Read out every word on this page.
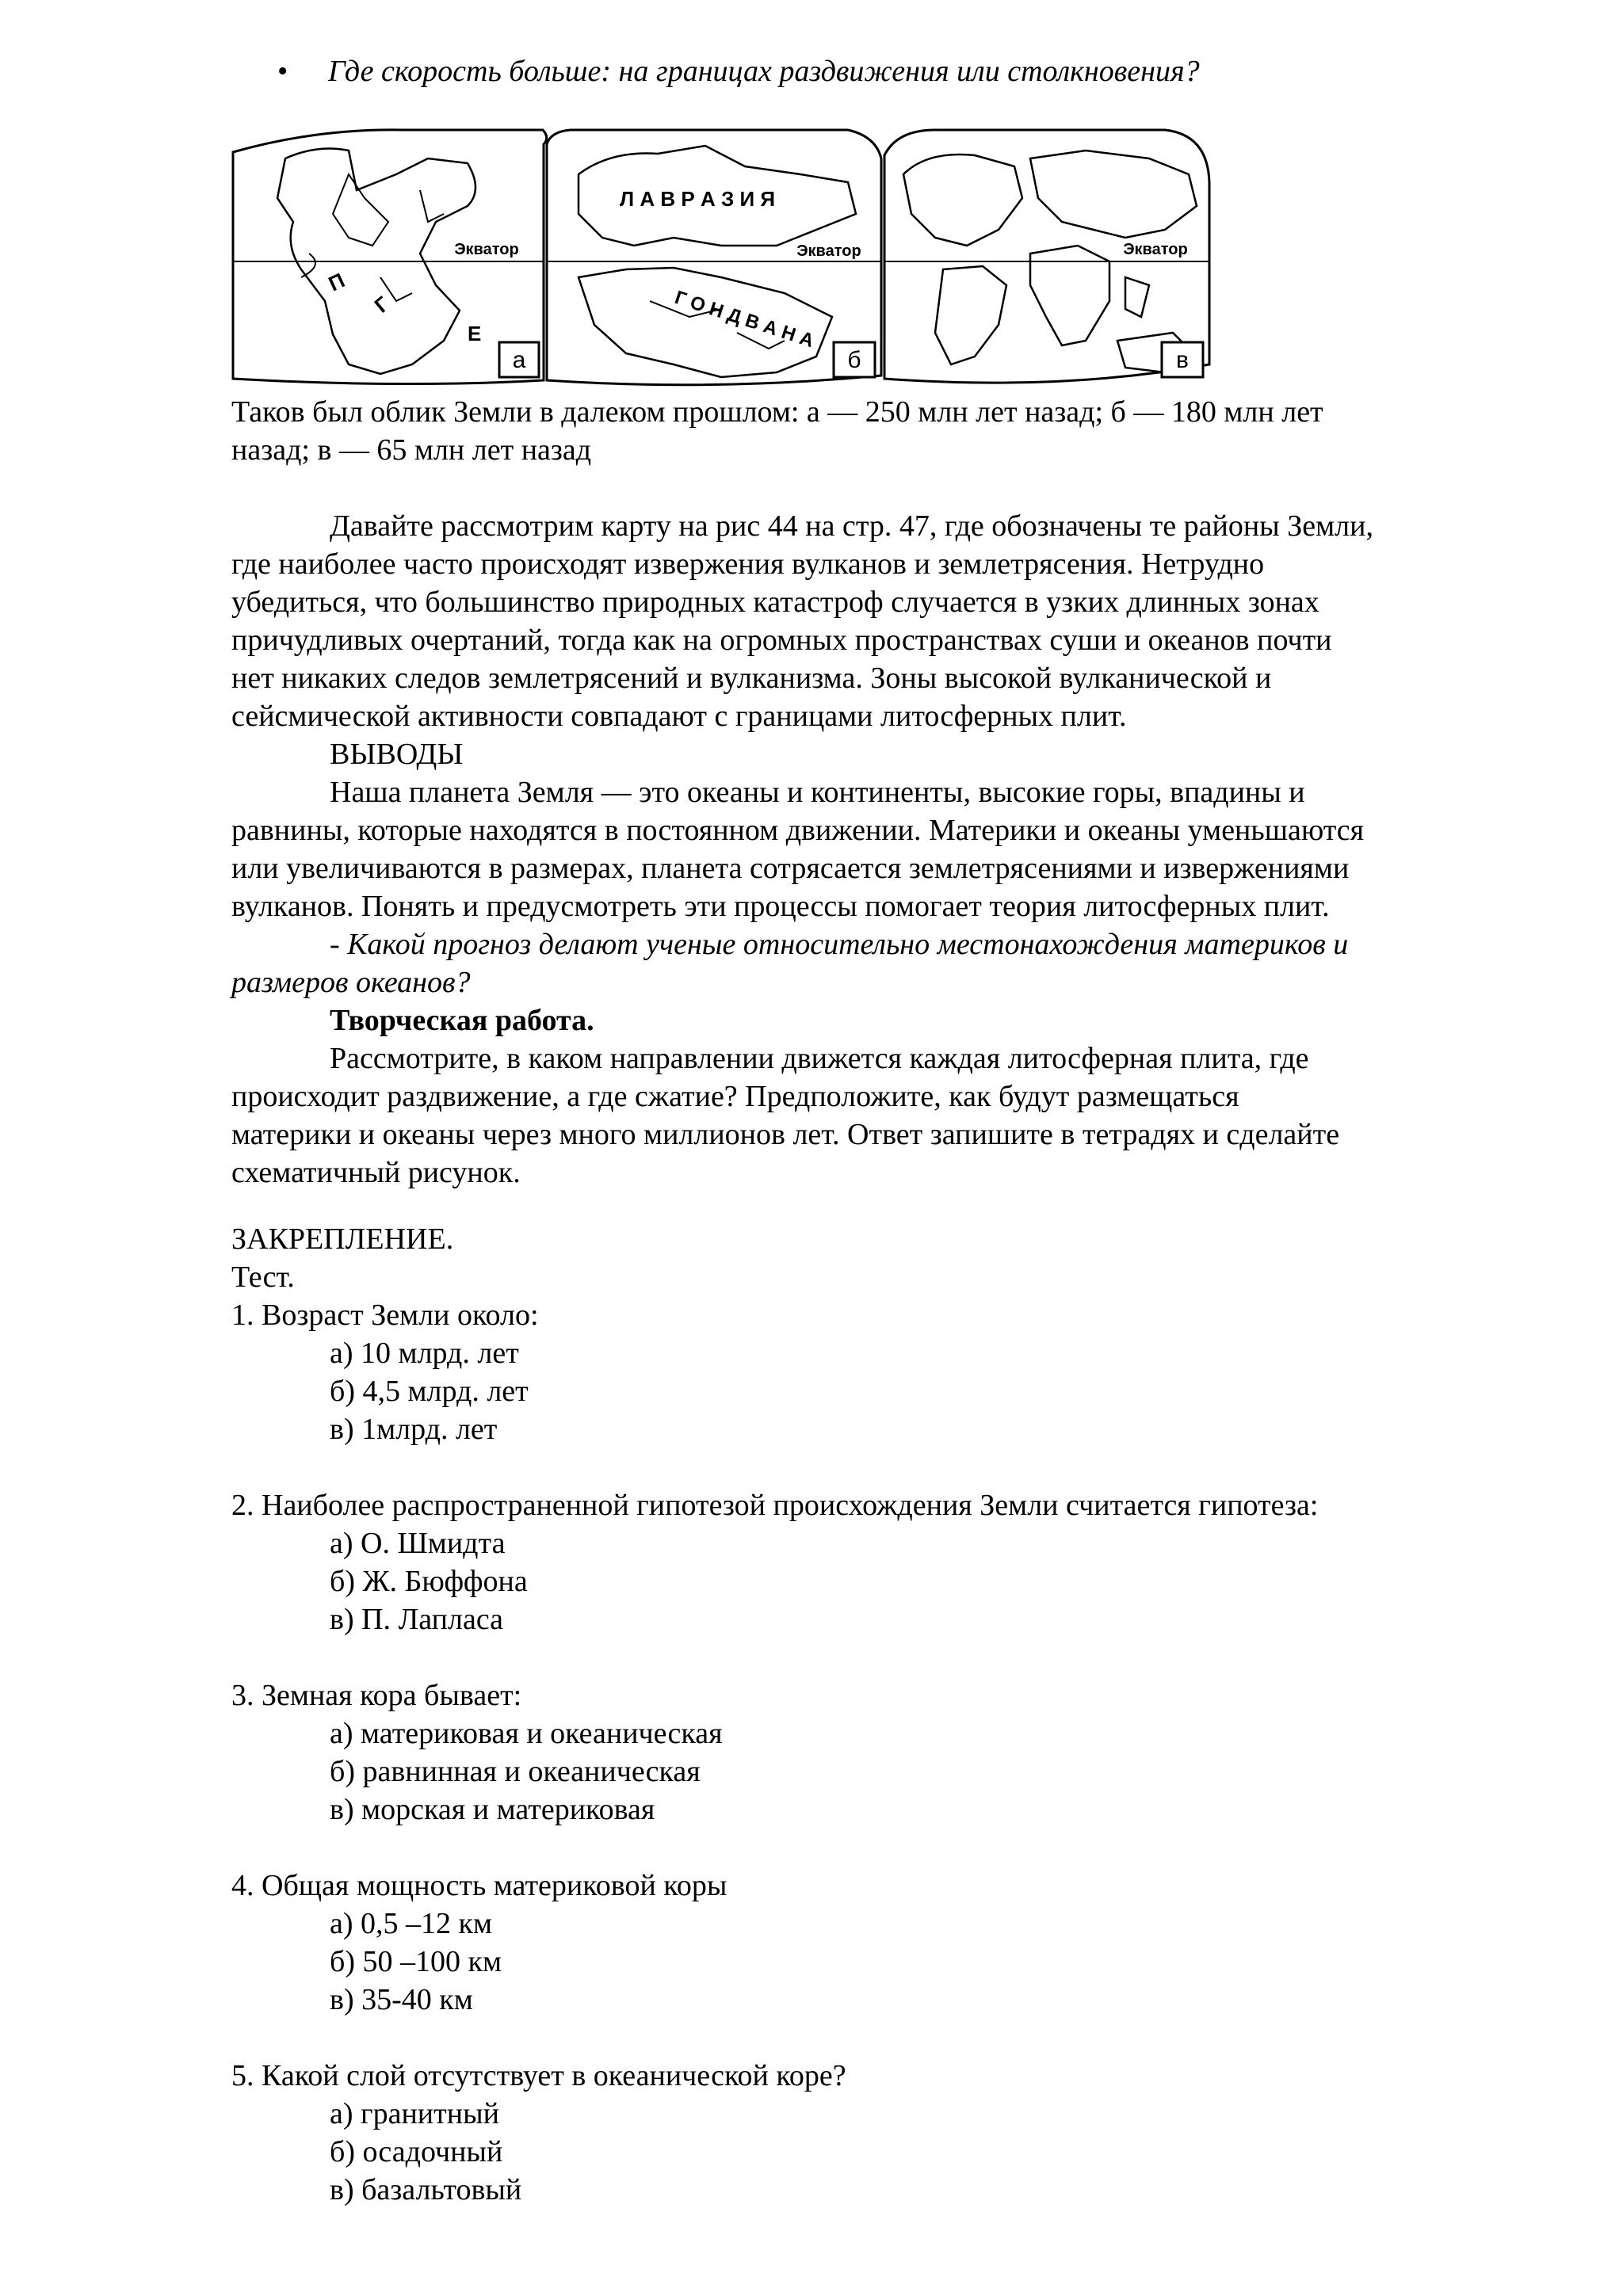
• Где скорость больше: на границах раздвижения или столкновения?
Экватор	Экватор	Экватор
П
Г
Е
Л А В Р А З И Я
Г О Н Д В А Н А
а	б	в
Таков был облик Земли в далеком прошлом: а — 250 млн лет назад; б — 180 млн лет
назад; в — 65 млн лет назад
Давайте рассмотрим карту на рис 44 на стр. 47, где обозначены те районы Земли,
где наиболее часто происходят извержения вулканов и землетрясения. Нетрудно
убедиться, что большинство природных катастроф случается в узких длинных зонах
причудливых очертаний, тогда как на огромных пространствах суши и океанов почти
нет никаких следов землетрясений и вулканизма. Зоны высокой вулканической и
сейсмической активности совпадают с границами литосферных плит.
ВЫВОДЫ
Наша планета Земля — это океаны и континенты, высокие горы, впадины и
равнины, которые находятся в постоянном движении. Материки и океаны уменьшаются
или увеличиваются в размерах, планета сотрясается землетрясениями и извержениями
вулканов. Понять и предусмотреть эти процессы помогает теория литосферных плит.
- Какой прогноз делают ученые относительно местонахождения материков и
размеров океанов?
Творческая работа.
Рассмотрите, в каком направлении движется каждая литосферная плита, где
происходит раздвижение, а где сжатие? Предположите, как будут размещаться
материки и океаны через много миллионов лет. Ответ запишите в тетрадях и сделайте
схематичный рисунок.
ЗАКРЕПЛЕНИЕ.
Тест.
1. Возраст Земли около:
а) 10 млрд. лет
б) 4,5 млрд. лет
в) 1млрд. лет

2. Наиболее распространенной гипотезой происхождения Земли считается гипотеза:
а) О. Шмидта
б) Ж. Бюффона
в) П. Лапласа

3. Земная кора бывает:
а) материковая и океаническая
б) равнинная и океаническая
в) морская и материковая

4. Общая мощность материковой коры
а) 0,5 –12 км
б) 50 –100 км
в) 35-40 км

5. Какой слой отсутствует в океанической коре?
а) гранитный
б) осадочный
в) базальтовый
